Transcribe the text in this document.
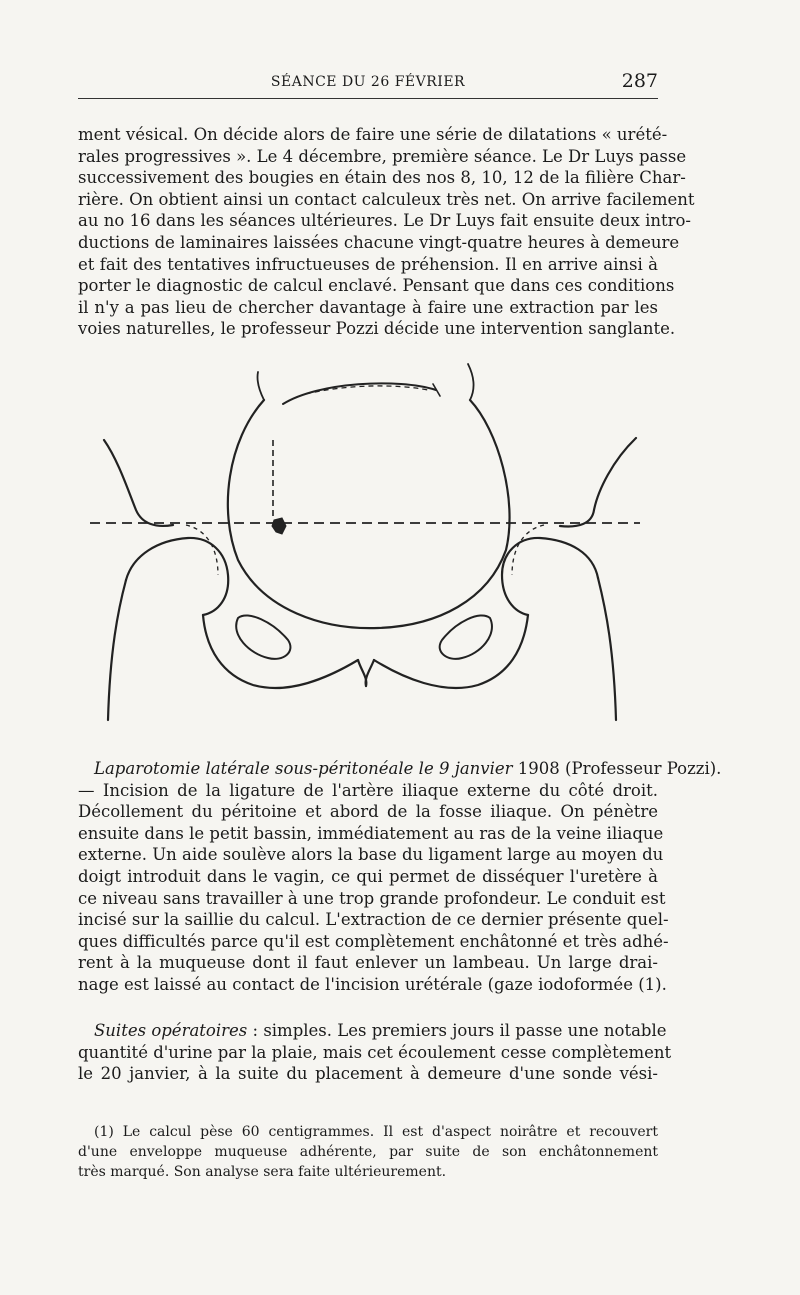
SÉANCE DU 26 FÉVRIER	287
ment vésical. On décide alors de faire une série de dilatations « urété-
rales progressives ». Le 4 décembre, première séance. Le Dr Luys passe
successivement des bougies en étain des nos 8, 10, 12 de la filière Char-
rière. On obtient ainsi un contact calculeux très net. On arrive facilement
au no 16 dans les séances ultérieures. Le Dr Luys fait ensuite deux intro-
ductions de laminaires laissées chacune vingt-quatre heures à demeure
et fait des tentatives infructueuses de préhension. Il en arrive ainsi à
porter le diagnostic de calcul enclavé. Pensant que dans ces conditions
il n'y a pas lieu de chercher davantage à faire une extraction par les
voies naturelles, le professeur Pozzi décide une intervention sanglante.
Laparotomie latérale sous-péritonéale le 9 janvier 1908 (Professeur Pozzi).
— Incision de la ligature de l'artère iliaque externe du côté droit.
Décollement du péritoine et abord de la fosse iliaque. On pénètre
ensuite dans le petit bassin, immédiatement au ras de la veine iliaque
externe. Un aide soulève alors la base du ligament large au moyen du
doigt introduit dans le vagin, ce qui permet de disséquer l'uretère à
ce niveau sans travailler à une trop grande profondeur. Le conduit est
incisé sur la saillie du calcul. L'extraction de ce dernier présente quel-
ques difficultés parce qu'il est complètement enchâtonné et très adhé-
rent à la muqueuse dont il faut enlever un lambeau. Un large drai-
nage est laissé au contact de l'incision urétérale (gaze iodoformée (1).
Suites opératoires : simples. Les premiers jours il passe une notable
quantité d'urine par la plaie, mais cet écoulement cesse complètement
le 20 janvier, à la suite du placement à demeure d'une sonde vési-
(1) Le calcul pèse 60 centigrammes. Il est d'aspect noirâtre et recouvert
d'une enveloppe muqueuse adhérente, par suite de son enchâtonnement
très marqué. Son analyse sera faite ultérieurement.
